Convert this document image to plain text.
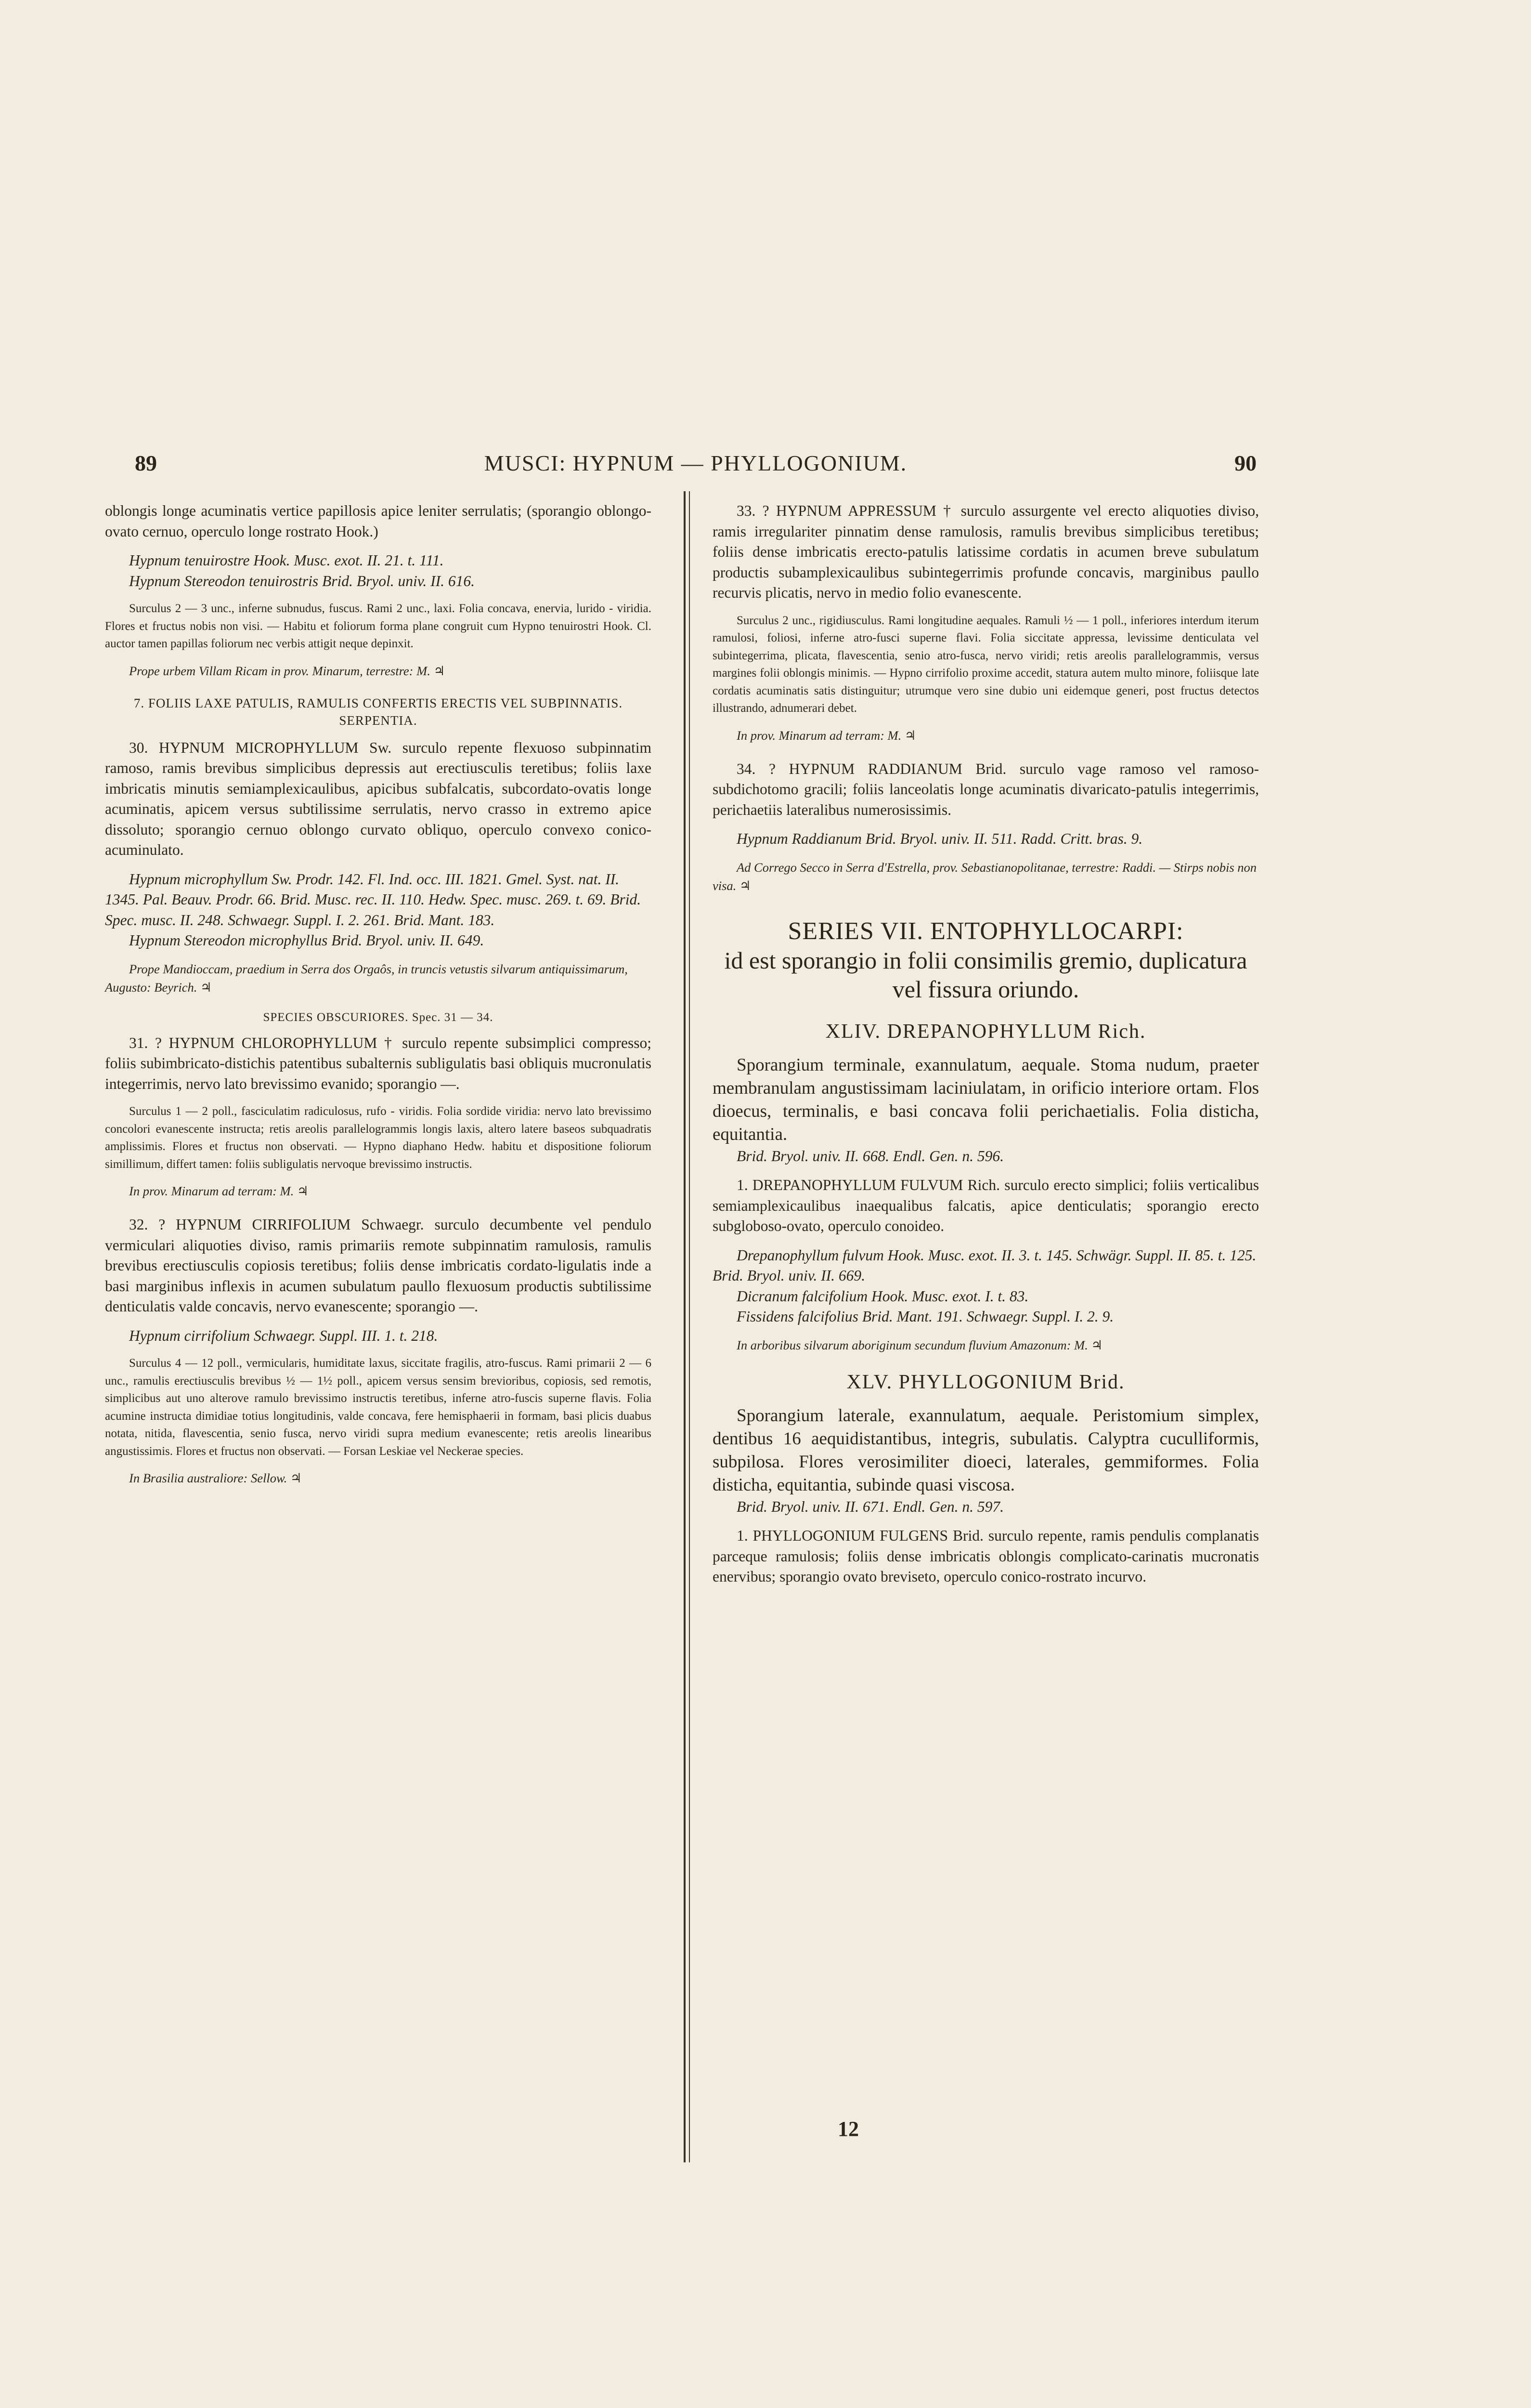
89	MUSCI: HYPNUM — PHYLLOGONIUM.	90

oblongis longe acuminatis vertice papillosis apice leniter serrulatis; (sporangio oblongo-ovato cernuo, operculo longe rostrato Hook.)

Hypnum tenuirostre Hook. Musc. exot. II. 21. t. 111.

Hypnum Stereodon tenuirostris Brid. Bryol. univ. II. 616.

Surculus 2 — 3 unc., inferne subnudus, fuscus. Rami 2 unc., laxi. Folia concava, enervia, lurido - viridia. Flores et fructus nobis non visi. — Habitu et foliorum forma plane congruit cum Hypno tenuirostri Hook. Cl. auctor tamen papillas foliorum nec verbis attigit neque depinxit.

Prope urbem Villam Ricam in prov. Minarum, terrestre: M. ♃

7. FOLIIS LAXE PATULIS, RAMULIS CONFERTIS ERECTIS VEL SUBPINNATIS. SERPENTIA.

30. HYPNUM MICROPHYLLUM Sw. surculo repente flexuoso subpinnatim ramoso, ramis brevibus simplicibus depressis aut erectiusculis teretibus; foliis laxe imbricatis minutis semiamplexicaulibus, apicibus subfalcatis, subcordato-ovatis longe acuminatis, apicem versus subtilissime serrulatis, nervo crasso in extremo apice dissoluto; sporangio cernuo oblongo curvato obliquo, operculo convexo conico-acuminulato.

Hypnum microphyllum Sw. Prodr. 142. Fl. Ind. occ. III. 1821. Gmel. Syst. nat. II. 1345. Pal. Beauv. Prodr. 66. Brid. Musc. rec. II. 110. Hedw. Spec. musc. 269. t. 69. Brid. Spec. musc. II. 248. Schwaegr. Suppl. I. 2. 261. Brid. Mant. 183.

Hypnum Stereodon microphyllus Brid. Bryol. univ. II. 649.

Prope Mandioccam, praedium in Serra dos Orgaôs, in truncis vetustis silvarum antiquissimarum, Augusto: Beyrich. ♃

SPECIES OBSCURIORES. Spec. 31 — 34.

31. ? HYPNUM CHLOROPHYLLUM † surculo repente subsimplici compresso; foliis subimbricato-distichis patentibus subalternis subligulatis basi obliquis mucronulatis integerrimis, nervo lato brevissimo evanido; sporangio —.

Surculus 1 — 2 poll., fasciculatim radiculosus, rufo - viridis. Folia sordide viridia: nervo lato brevissimo concolori evanescente instructa; retis areolis parallelogrammis longis laxis, altero latere baseos subquadratis amplissimis. Flores et fructus non observati. — Hypno diaphano Hedw. habitu et dispositione foliorum simillimum, differt tamen: foliis subligulatis nervoque brevissimo instructis.

In prov. Minarum ad terram: M. ♃

32. ? HYPNUM CIRRIFOLIUM Schwaegr. surculo decumbente vel pendulo vermiculari aliquoties diviso, ramis primariis remote subpinnatim ramulosis, ramulis brevibus erectiusculis copiosis teretibus; foliis dense imbricatis cordato-ligulatis inde a basi marginibus inflexis in acumen subulatum paullo flexuosum productis subtilissime denticulatis valde concavis, nervo evanescente; sporangio —.

Hypnum cirrifolium Schwaegr. Suppl. III. 1. t. 218.

Surculus 4 — 12 poll., vermicularis, humiditate laxus, siccitate fragilis, atro-fuscus. Rami primarii 2 — 6 unc., ramulis erectiusculis brevibus ½ — 1½ poll., apicem versus sensim brevioribus, copiosis, sed remotis, simplicibus aut uno alterove ramulo brevissimo instructis teretibus, inferne atro-fuscis superne flavis. Folia acumine instructa dimidiae totius longitudinis, valde concava, fere hemisphaerii in formam, basi plicis duabus notata, nitida, flavescentia, senio fusca, nervo viridi supra medium evanescente; retis areolis linearibus angustissimis. Flores et fructus non observati. — Forsan Leskiae vel Neckerae species.

In Brasilia australiore: Sellow. ♃

33. ? HYPNUM APPRESSUM † surculo assurgente vel erecto aliquoties diviso, ramis irregulariter pinnatim dense ramulosis, ramulis brevibus simplicibus teretibus; foliis dense imbricatis erecto-patulis latissime cordatis in acumen breve subulatum productis subamplexicaulibus subintegerrimis profunde concavis, marginibus paullo recurvis plicatis, nervo in medio folio evanescente.

Surculus 2 unc., rigidiusculus. Rami longitudine aequales. Ramuli ½ — 1 poll., inferiores interdum iterum ramulosi, foliosi, inferne atro-fusci superne flavi. Folia siccitate appressa, levissime denticulata vel subintegerrima, plicata, flavescentia, senio atro-fusca, nervo viridi; retis areolis parallelogrammis, versus margines folii oblongis minimis. — Hypno cirrifolio proxime accedit, statura autem multo minore, foliisque late cordatis acuminatis satis distinguitur; utrumque vero sine dubio uni eidemque generi, post fructus detectos illustrando, adnumerari debet.

In prov. Minarum ad terram: M. ♃

34. ? HYPNUM RADDIANUM Brid. surculo vage ramoso vel ramoso-subdichotomo gracili; foliis lanceolatis longe acuminatis divaricato-patulis integerrimis, perichaetiis lateralibus numerosissimis.

Hypnum Raddianum Brid. Bryol. univ. II. 511. Radd. Critt. bras. 9.

Ad Corrego Secco in Serra d'Estrella, prov. Sebastianopolitanae, terrestre: Raddi. — Stirps nobis non visa. ♃

SERIES VII. ENTOPHYLLOCARPI:

id est sporangio in folii consimilis gremio, duplicatura vel fissura oriundo.

XLIV. DREPANOPHYLLUM Rich.

Sporangium terminale, exannulatum, aequale. Stoma nudum, praeter membranulam angustissimam laciniulatam, in orificio interiore ortam. Flos dioecus, terminalis, e basi concava folii perichaetialis. Folia disticha, equitantia.

Brid. Bryol. univ. II. 668. Endl. Gen. n. 596.

1. DREPANOPHYLLUM FULVUM Rich. surculo erecto simplici; foliis verticalibus semiamplexicaulibus inaequalibus falcatis, apice denticulatis; sporangio erecto subgloboso-ovato, operculo conoideo.

Drepanophyllum fulvum Hook. Musc. exot. II. 3. t. 145. Schwägr. Suppl. II. 85. t. 125. Brid. Bryol. univ. II. 669.

Dicranum falcifolium Hook. Musc. exot. I. t. 83.

Fissidens falcifolius Brid. Mant. 191. Schwaegr. Suppl. I. 2. 9.

In arboribus silvarum aboriginum secundum fluvium Amazonum: M. ♃

XLV. PHYLLOGONIUM Brid.

Sporangium laterale, exannulatum, aequale. Peristomium simplex, dentibus 16 aequidistantibus, integris, subulatis. Calyptra cuculliformis, subpilosa. Flores verosimiliter dioeci, laterales, gemmiformes. Folia disticha, equitantia, subinde quasi viscosa.

Brid. Bryol. univ. II. 671. Endl. Gen. n. 597.

1. PHYLLOGONIUM FULGENS Brid. surculo repente, ramis pendulis complanatis parceque ramulosis; foliis dense imbricatis oblongis complicato-carinatis mucronatis enervibus; sporangio ovato breviseto, operculo conico-rostrato incurvo.

12
